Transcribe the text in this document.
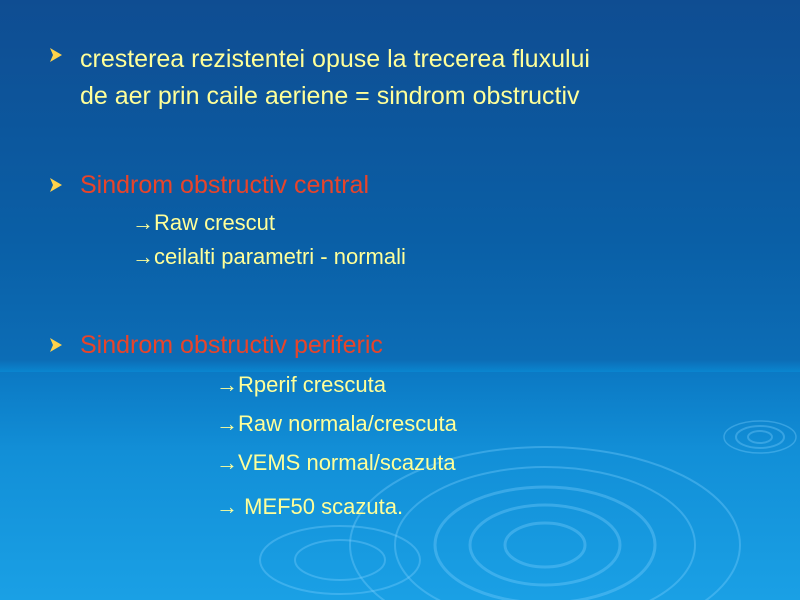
cresterea rezistentei opuse la trecerea fluxului
de aer prin caile aeriene = sindrom obstructiv
Sindrom obstructiv central
→Raw crescut
→ceilalti parametri - normali
Sindrom obstructiv periferic
→Rperif crescuta
→Raw normala/crescuta
→VEMS normal/scazuta
→ MEF50 scazuta.
